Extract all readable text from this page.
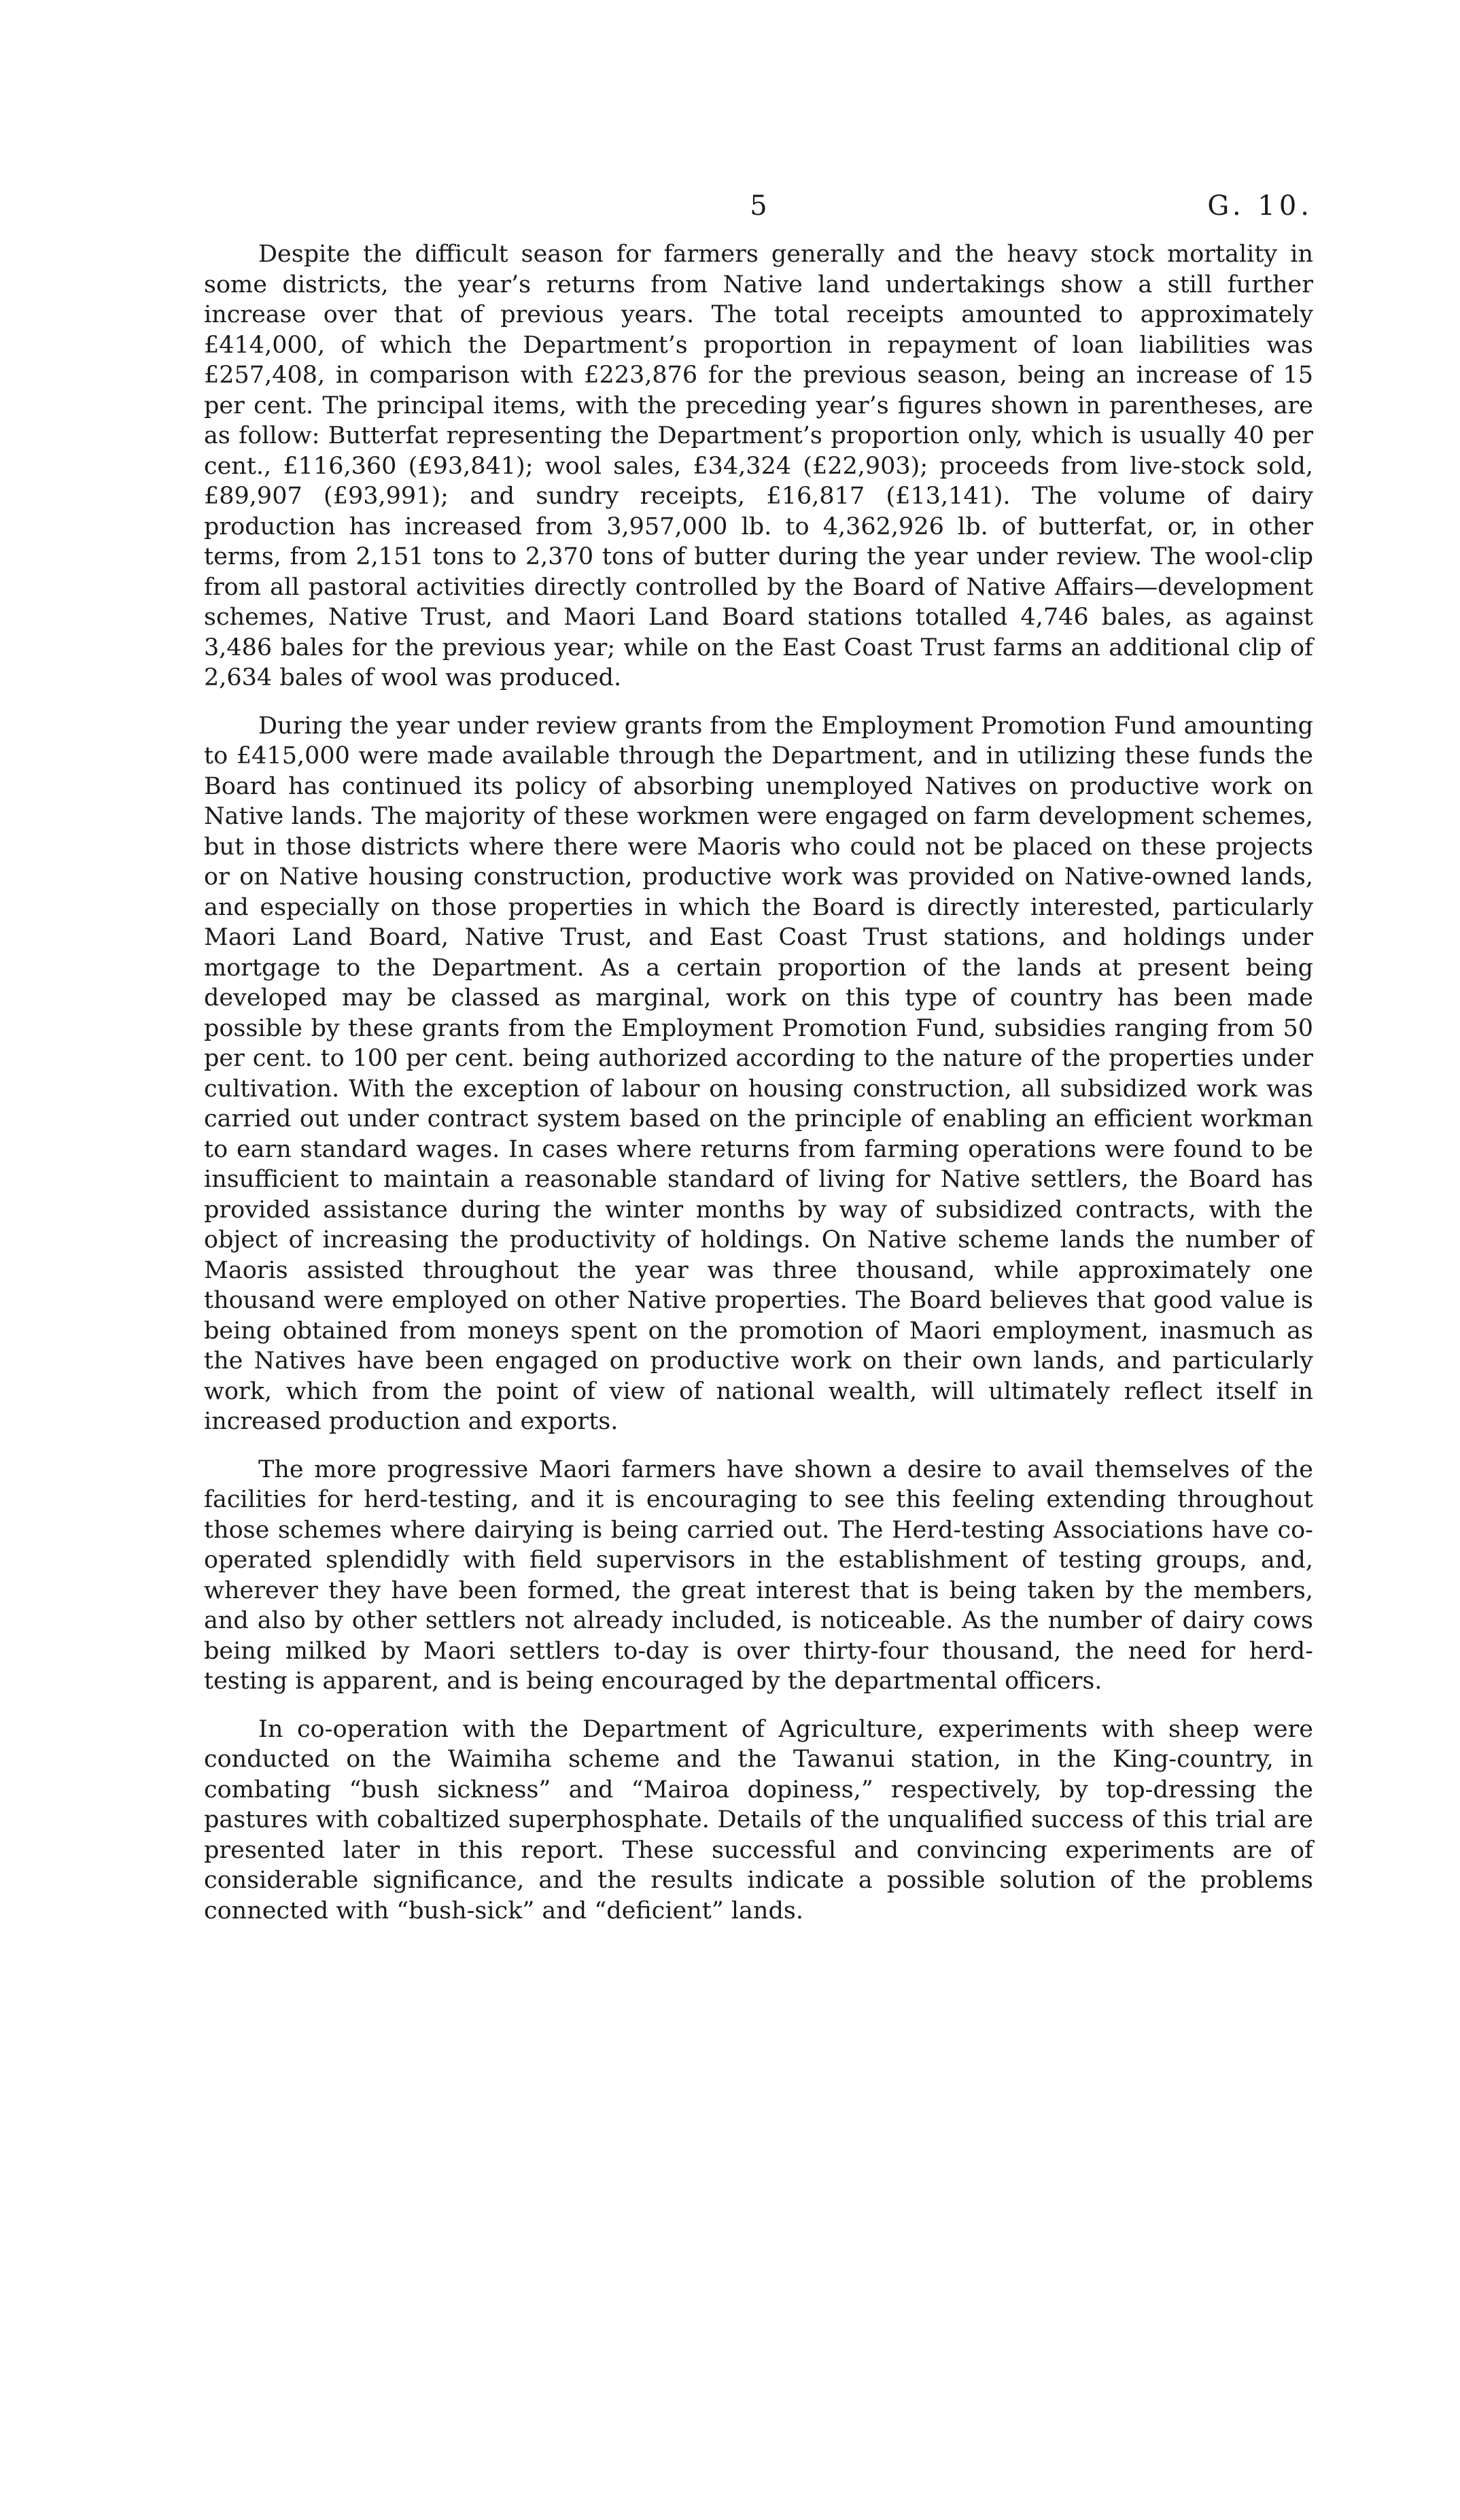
5	G. 10.

Despite the difficult season for farmers generally and the heavy stock mortality in some districts, the year’s returns from Native land undertakings show a still further increase over that of previous years. The total receipts amounted to approximately £414,000, of which the Department’s proportion in repayment of loan liabilities was £257,408, in comparison with £223,876 for the previous season, being an increase of 15 per cent. The principal items, with the preceding year’s figures shown in parentheses, are as follow: Butterfat representing the Department’s proportion only, which is usually 40 per cent., £116,360 (£93,841); wool sales, £34,324 (£22,903); proceeds from live-stock sold, £89,907 (£93,991); and sundry receipts, £16,817 (£13,141). The volume of dairy production has increased from 3,957,000 lb. to 4,362,926 lb. of butterfat, or, in other terms, from 2,151 tons to 2,370 tons of butter during the year under review. The wool-clip from all pastoral activities directly controlled by the Board of Native Affairs—development schemes, Native Trust, and Maori Land Board stations totalled 4,746 bales, as against 3,486 bales for the previous year; while on the East Coast Trust farms an additional clip of 2,634 bales of wool was produced.

During the year under review grants from the Employment Promotion Fund amounting to £415,000 were made available through the Department, and in utilizing these funds the Board has continued its policy of absorbing unemployed Natives on productive work on Native lands. The majority of these workmen were engaged on farm development schemes, but in those districts where there were Maoris who could not be placed on these projects or on Native housing construction, productive work was provided on Native-owned lands, and especially on those properties in which the Board is directly interested, particularly Maori Land Board, Native Trust, and East Coast Trust stations, and holdings under mortgage to the Department. As a certain proportion of the lands at present being developed may be classed as marginal, work on this type of country has been made possible by these grants from the Employment Promotion Fund, subsidies ranging from 50 per cent. to 100 per cent. being authorized according to the nature of the properties under cultivation. With the exception of labour on housing construction, all subsidized work was carried out under contract system based on the principle of enabling an efficient workman to earn standard wages. In cases where returns from farming operations were found to be insufficient to maintain a reasonable standard of living for Native settlers, the Board has provided assistance during the winter months by way of subsidized contracts, with the object of increasing the productivity of holdings. On Native scheme lands the number of Maoris assisted throughout the year was three thousand, while approximately one thousand were employed on other Native properties. The Board believes that good value is being obtained from moneys spent on the promotion of Maori employment, inasmuch as the Natives have been engaged on productive work on their own lands, and particularly work, which from the point of view of national wealth, will ultimately reflect itself in increased production and exports.

The more progressive Maori farmers have shown a desire to avail themselves of the facilities for herd-testing, and it is encouraging to see this feeling extending throughout those schemes where dairying is being carried out. The Herd-testing Associations have co-operated splendidly with field supervisors in the establishment of testing groups, and, wherever they have been formed, the great interest that is being taken by the members, and also by other settlers not already included, is noticeable. As the number of dairy cows being milked by Maori settlers to-day is over thirty-four thousand, the need for herd-testing is apparent, and is being encouraged by the departmental officers.

In co-operation with the Department of Agriculture, experiments with sheep were conducted on the Waimiha scheme and the Tawanui station, in the King-country, in combating “bush sickness” and “Mairoa dopiness,” respectively, by top-dressing the pastures with cobaltized superphosphate. Details of the unqualified success of this trial are presented later in this report. These successful and convincing experiments are of considerable significance, and the results indicate a possible solution of the problems connected with “bush-sick” and “deficient” lands.
